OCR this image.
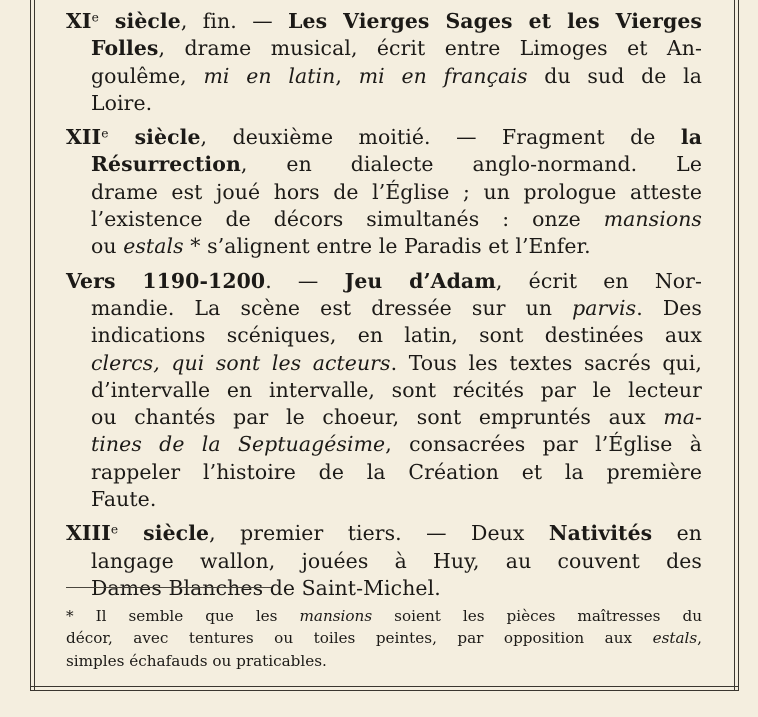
XIe siècle, fin. — Les Vierges Sages et les Vierges
Folles, drame musical, écrit entre Limoges et An-
goulême, mi en latin, mi en français du sud de la
Loire.
XIIe siècle, deuxième moitié. — Fragment de la
Résurrection, en dialecte anglo-normand. Le
drame est joué hors de l’Église ; un prologue atteste
l’existence de décors simultanés : onze mansions
ou estals * s’alignent entre le Paradis et l’Enfer.
Vers 1190-1200. — Jeu d’Adam, écrit en Nor-
mandie. La scène est dressée sur un parvis. Des
indications scéniques, en latin, sont destinées aux
clercs, qui sont les acteurs. Tous les textes sacrés qui,
d’intervalle en intervalle, sont récités par le lecteur
ou chantés par le choeur, sont empruntés aux ma-
tines de la Septuagésime, consacrées par l’Église à
rappeler l’histoire de la Création et la première
Faute.
XIIIe siècle, premier tiers. — Deux Nativités en
langage wallon, jouées à Huy, au couvent des
Dames Blanches de Saint-Michel.
* Il semble que les mansions soient les pièces maîtresses du
décor, avec tentures ou toiles peintes, par opposition aux estals,
simples échafauds ou praticables.
